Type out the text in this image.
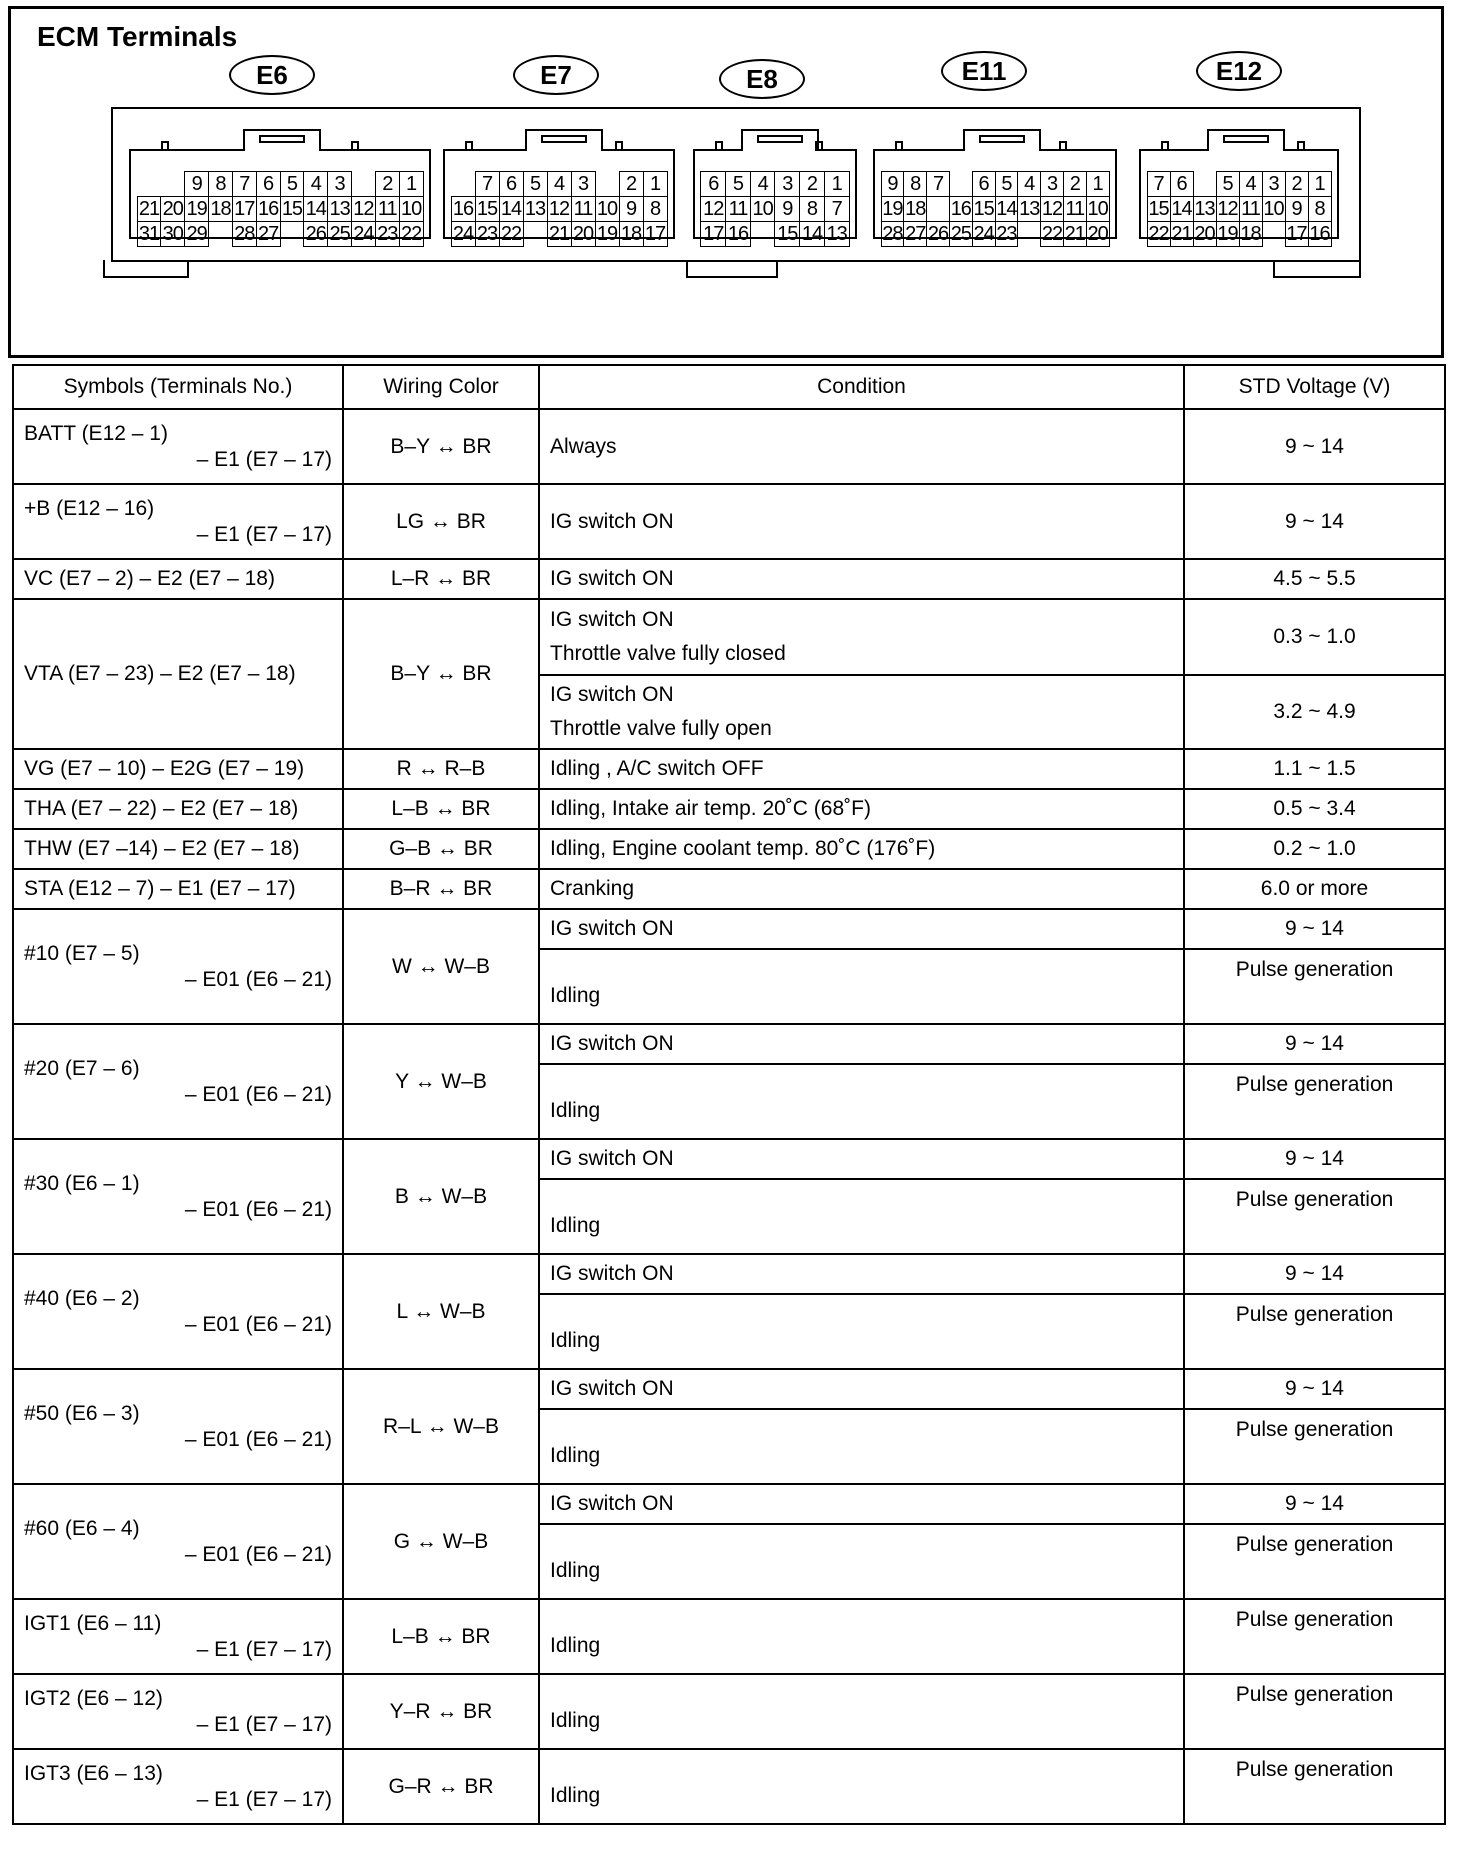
ECM Terminals
E6	E7	E8	E11	E12
9 8 7 6 5 4 3	2 1
21 20 19 18 17 16 15 14 13 12 11 10
31 30 29 28 27 26 25 24 23 22
7 6 5 4 3	2 1
16 15 14 13 12 11 10 9 8
24 23 22 21 20 19 18 17
6 5 4 3 2 1
12 11 10 9 8 7
17 16 15 14 13
9 8 7	6 5 4 3 2 1
19 18 16 15 14 13 12 11 10
28 27 26 25 24 23 22 21 20
7 6	5 4 3 2 1
15 14 13 12 11 10 9 8
22 21 20 19 18 17 16
Symbols (Terminals No.)	Wiring Color	Condition	STD Voltage (V)

BATT (E12 – 1)
– E1 (E7 – 17)	B–Y ↔ BR	Always	9 ~ 14

+B (E12 – 16)
– E1 (E7 – 17)	LG ↔ BR	IG switch ON	9 ~ 14

VC (E7 – 2) – E2 (E7 – 18)	L–R ↔ BR	IG switch ON	4.5 ~ 5.5

VTA (E7 – 23) – E2 (E7 – 18)	B–Y ↔ BR	IG switch ON
Throttle valve fully closed	0.3 ~ 1.0

		IG switch ON
Throttle valve fully open	3.2 ~ 4.9

VG (E7 – 10) – E2G (E7 – 19)	R ↔ R–B	Idling , A/C switch OFF	1.1 ~ 1.5

THA (E7 – 22) – E2 (E7 – 18)	L–B ↔ BR	Idling, Intake air temp. 20˚C (68˚F)	0.5 ~ 3.4

THW (E7 –14) – E2 (E7 – 18)	G–B ↔ BR	Idling, Engine coolant temp. 80˚C (176˚F)	0.2 ~ 1.0

STA (E12 – 7) – E1 (E7 – 17)	B–R ↔ BR	Cranking	6.0 or more

#10 (E7 – 5)
– E01 (E6 – 21)	W ↔ W–B	IG switch ON	9 ~ 14

		Idling	Pulse generation

#20 (E7 – 6)
– E01 (E6 – 21)	Y ↔ W–B	IG switch ON	9 ~ 14

		Idling	Pulse generation

#30 (E6 – 1)
– E01 (E6 – 21)	B ↔ W–B	IG switch ON	9 ~ 14

		Idling	Pulse generation

#40 (E6 – 2)
– E01 (E6 – 21)	L ↔ W–B	IG switch ON	9 ~ 14

		Idling	Pulse generation

#50 (E6 – 3)
– E01 (E6 – 21)	R–L ↔ W–B	IG switch ON	9 ~ 14

		Idling	Pulse generation

#60 (E6 – 4)
– E01 (E6 – 21)	G ↔ W–B	IG switch ON	9 ~ 14

		Idling	Pulse generation

IGT1 (E6 – 11)
– E1 (E7 – 17)	L–B ↔ BR	Idling	Pulse generation

IGT2 (E6 – 12)
– E1 (E7 – 17)	Y–R ↔ BR	Idling	Pulse generation

IGT3 (E6 – 13)
– E1 (E7 – 17)	G–R ↔ BR	Idling	Pulse generation
